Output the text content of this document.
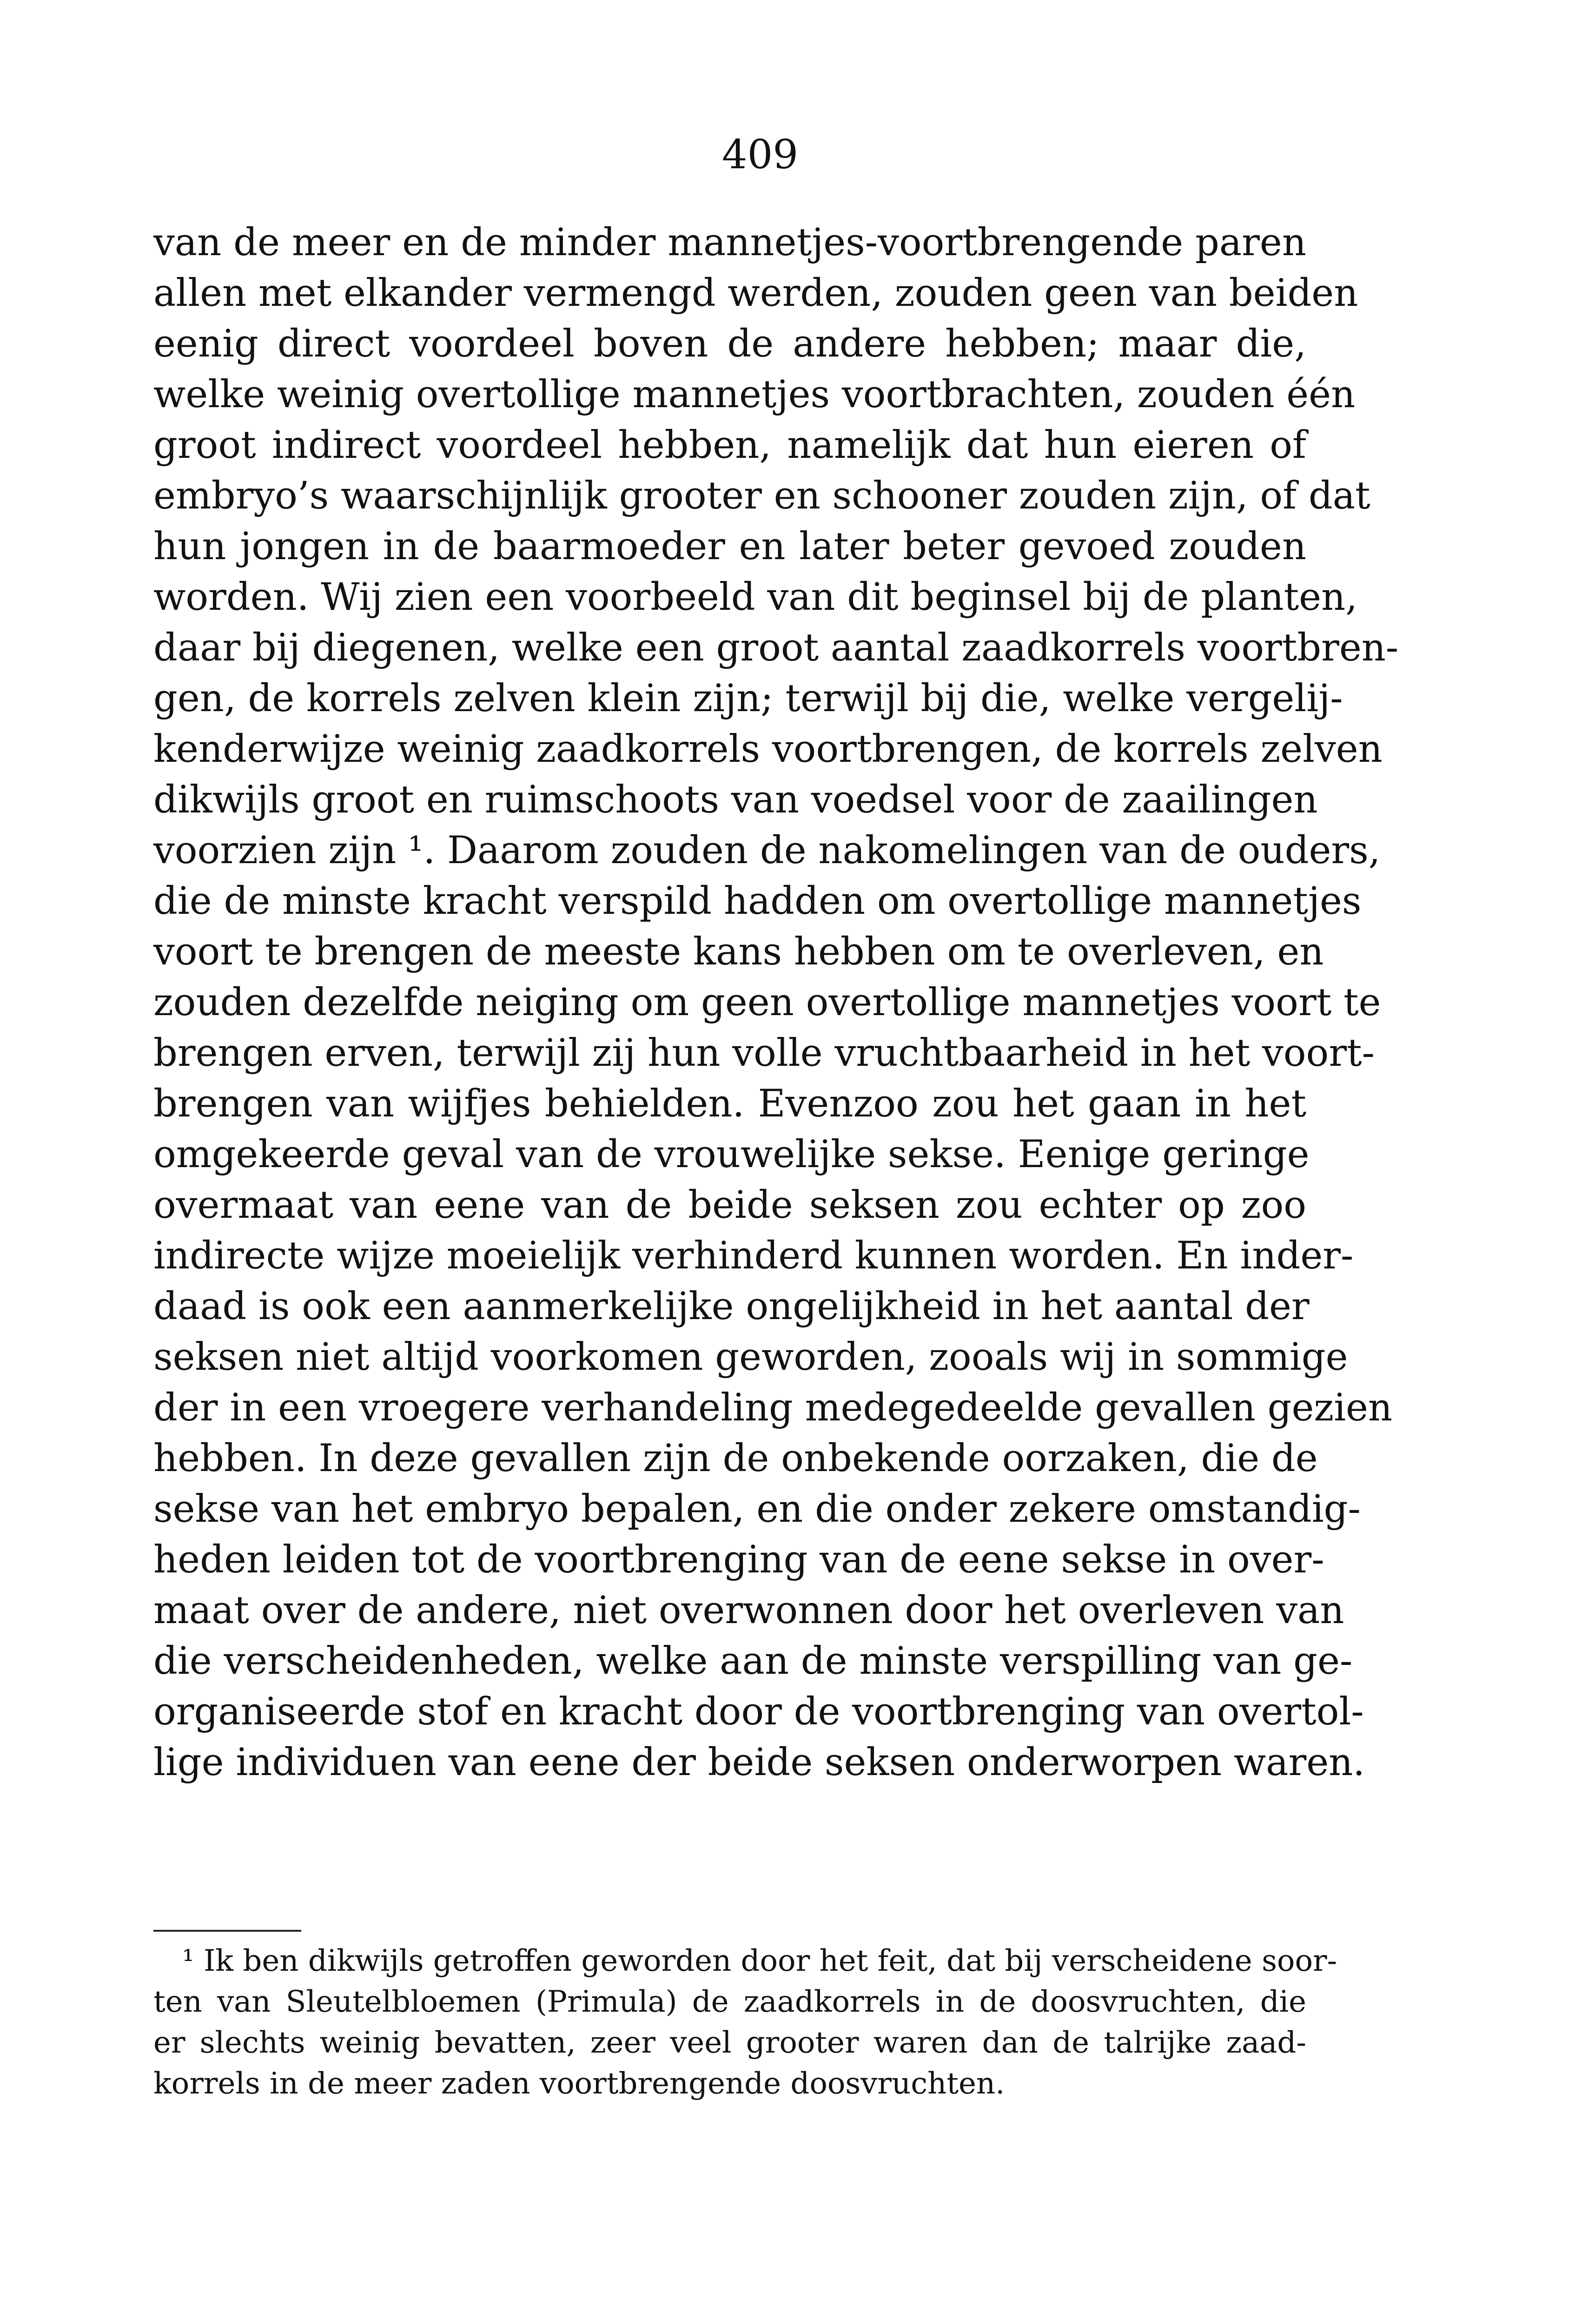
409
van de meer en de minder mannetjes-voortbrengende paren
allen met elkander vermengd werden, zouden geen van beiden
eenig direct voordeel boven de andere hebben; maar die,
welke weinig overtollige mannetjes voortbrachten, zouden één
groot indirect voordeel hebben, namelijk dat hun eieren of
embryo’s waarschijnlijk grooter en schooner zouden zijn, of dat
hun jongen in de baarmoeder en later beter gevoed zouden
worden. Wij zien een voorbeeld van dit beginsel bij de planten,
daar bij diegenen, welke een groot aantal zaadkorrels voortbren-
gen, de korrels zelven klein zijn; terwijl bij die, welke vergelij-
kenderwijze weinig zaadkorrels voortbrengen, de korrels zelven
dikwijls groot en ruimschoots van voedsel voor de zaailingen
voorzien zijn ¹. Daarom zouden de nakomelingen van de ouders,
die de minste kracht verspild hadden om overtollige mannetjes
voort te brengen de meeste kans hebben om te overleven, en
zouden dezelfde neiging om geen overtollige mannetjes voort te
brengen erven, terwijl zij hun volle vruchtbaarheid in het voort-
brengen van wijfjes behielden. Evenzoo zou het gaan in het
omgekeerde geval van de vrouwelijke sekse. Eenige geringe
overmaat van eene van de beide seksen zou echter op zoo
indirecte wijze moeielijk verhinderd kunnen worden. En inder-
daad is ook een aanmerkelijke ongelijkheid in het aantal der
seksen niet altijd voorkomen geworden, zooals wij in sommige
der in een vroegere verhandeling medegedeelde gevallen gezien
hebben. In deze gevallen zijn de onbekende oorzaken, die de
sekse van het embryo bepalen, en die onder zekere omstandig-
heden leiden tot de voortbrenging van de eene sekse in over-
maat over de andere, niet overwonnen door het overleven van
die verscheidenheden, welke aan de minste verspilling van ge-
organiseerde stof en kracht door de voortbrenging van overtol-
lige individuen van eene der beide seksen onderworpen waren.
¹ Ik ben dikwijls getroffen geworden door het feit, dat bij verscheidene soor-
ten van Sleutelbloemen (Primula) de zaadkorrels in de doosvruchten, die
er slechts weinig bevatten, zeer veel grooter waren dan de talrijke zaad-
korrels in de meer zaden voortbrengende doosvruchten.
